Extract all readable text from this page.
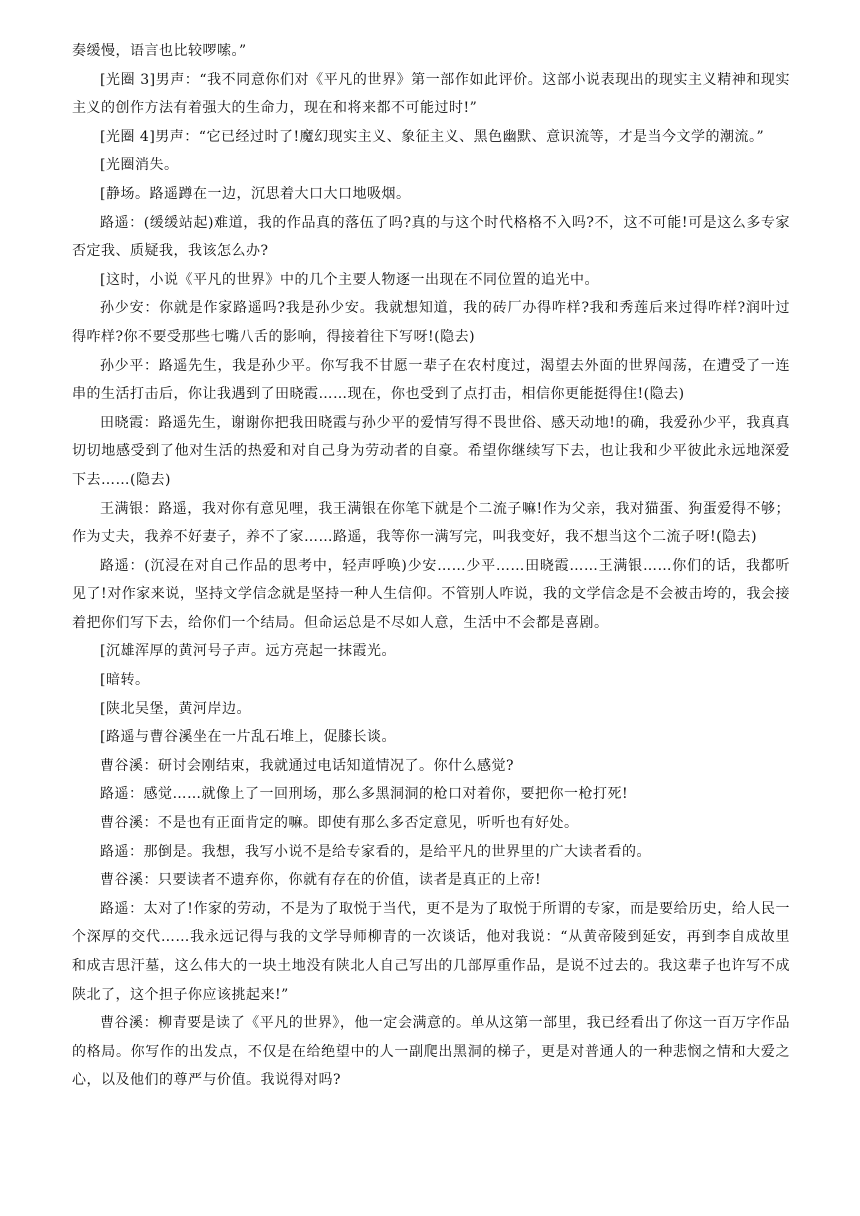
奏缓慢，语言也比较啰嗦。”

[光圈 3]男声：“我不同意你们对《平凡的世界》第一部作如此评价。这部小说表现出的现实主义精神和现实主义的创作方法有着强大的生命力，现在和将来都不可能过时!”

[光圈 4]男声：“它已经过时了!魔幻现实主义、象征主义、黑色幽默、意识流等，才是当今文学的潮流。”

[光圈消失。

[静场。路遥蹲在一边，沉思着大口大口地吸烟。

路遥：(缓缓站起)难道，我的作品真的落伍了吗?真的与这个时代格格不入吗?不，这不可能!可是这么多专家否定我、质疑我，我该怎么办?

[这时，小说《平凡的世界》中的几个主要人物逐一出现在不同位置的追光中。

孙少安：你就是作家路遥吗?我是孙少安。我就想知道，我的砖厂办得咋样?我和秀莲后来过得咋样?润叶过得咋样?你不要受那些七嘴八舌的影响，得接着往下写呀!(隐去)

孙少平：路遥先生，我是孙少平。你写我不甘愿一辈子在农村度过，渴望去外面的世界闯荡，在遭受了一连串的生活打击后，你让我遇到了田晓霞……现在，你也受到了点打击，相信你更能挺得住!(隐去)

田晓霞：路遥先生，谢谢你把我田晓霞与孙少平的爱情写得不畏世俗、感天动地!的确，我爱孙少平，我真真切切地感受到了他对生活的热爱和对自己身为劳动者的自豪。希望你继续写下去，也让我和少平彼此永远地深爱下去……(隐去)

王满银：路遥，我对你有意见哩，我王满银在你笔下就是个二流子嘛!作为父亲，我对猫蛋、狗蛋爱得不够；作为丈夫，我养不好妻子，养不了家……路遥，我等你一满写完，叫我变好，我不想当这个二流子呀!(隐去)

路遥：(沉浸在对自己作品的思考中，轻声呼唤)少安……少平……田晓霞……王满银……你们的话，我都听见了!对作家来说，坚持文学信念就是坚持一种人生信仰。不管别人咋说，我的文学信念是不会被击垮的，我会接着把你们写下去，给你们一个结局。但命运总是不尽如人意，生活中不会都是喜剧。

[沉雄浑厚的黄河号子声。远方亮起一抹霞光。

[暗转。

[陕北吴堡，黄河岸边。

[路遥与曹谷溪坐在一片乱石堆上，促膝长谈。

曹谷溪：研讨会刚结束，我就通过电话知道情况了。你什么感觉?

路遥：感觉……就像上了一回刑场，那么多黑洞洞的枪口对着你，要把你一枪打死!

曹谷溪：不是也有正面肯定的嘛。即使有那么多否定意见，听听也有好处。

路遥：那倒是。我想，我写小说不是给专家看的，是给平凡的世界里的广大读者看的。

曹谷溪：只要读者不遗弃你，你就有存在的价值，读者是真正的上帝!

路遥：太对了!作家的劳动，不是为了取悦于当代，更不是为了取悦于所谓的专家，而是要给历史，给人民一个深厚的交代……我永远记得与我的文学导师柳青的一次谈话，他对我说：“从黄帝陵到延安，再到李自成故里和成吉思汗墓，这么伟大的一块土地没有陕北人自己写出的几部厚重作品，是说不过去的。我这辈子也许写不成陕北了，这个担子你应该挑起来!”

曹谷溪：柳青要是读了《平凡的世界》，他一定会满意的。单从这第一部里，我已经看出了你这一百万字作品的格局。你写作的出发点，不仅是在给绝望中的人一副爬出黑洞的梯子，更是对普通人的一种悲悯之情和大爱之心，以及他们的尊严与价值。我说得对吗?
